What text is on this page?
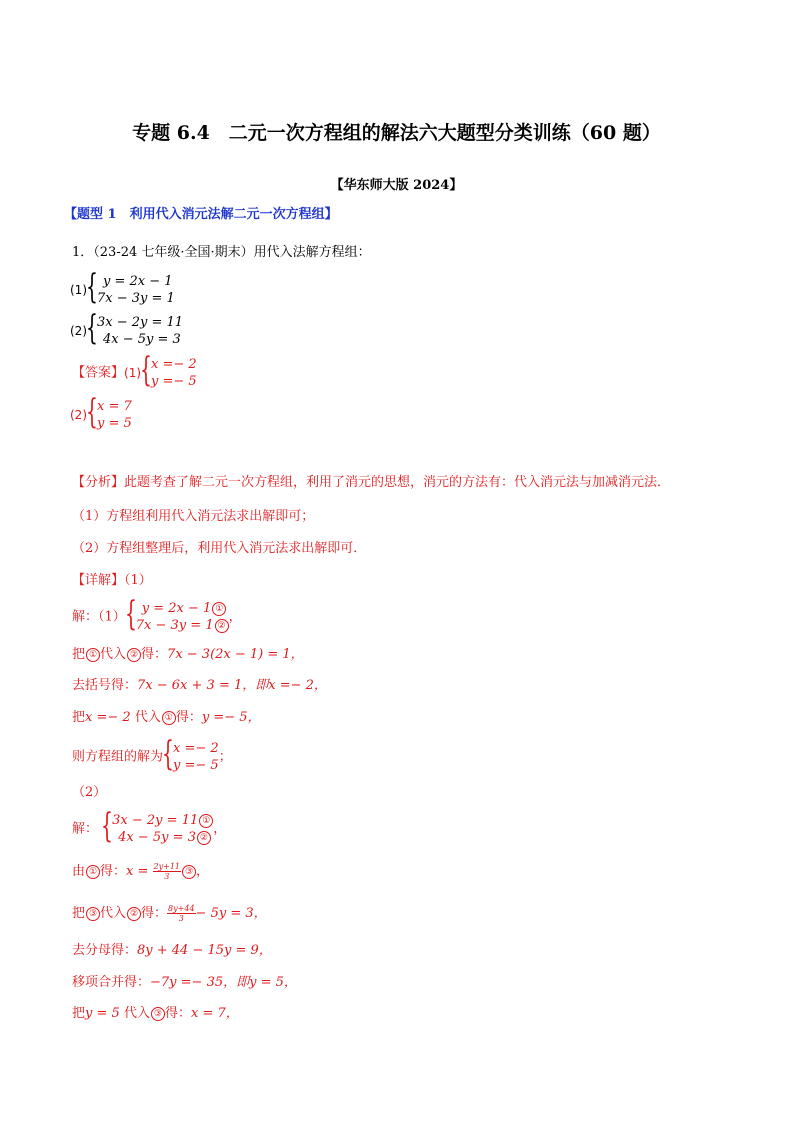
专题 6.4　二元一次方程组的解法六大题型分类训练（60 题）
【华东师大版 2024】
【题型 1　利用代入消元法解二元一次方程组】
1．（23-24 七年级·全国·期末）用代入法解方程组：
(1)
{ y = 2x − 1
7x − 3y = 1
(2)
{ 3x − 2y = 11
4x − 5y = 3
【答案】(1)
{ x =− 2
y =− 5
(2)
{ x = 7
y = 5
【分析】此题考查了解二元一次方程组，利用了消元的思想，消元的方法有：代入消元法与加减消元法．
（1）方程组利用代入消元法求出解即可；
（2）方程组整理后，利用代入消元法求出解即可．
【详解】（1）
解：（1）
{ y = 2x − 1 ①
7x − 3y = 1 ②
，
把 ① 代入 ② 得：7x − 3(2x − 1) = 1，
去括号得：7x − 6x + 3 = 1，即x =− 2，
把x =− 2 代入 ① 得：y =− 5，
则方程组的解为
{ x =− 2
y =− 5
；
（2）
解：
{ 3x − 2y = 11 ①
4x − 5y = 3 ②
，
由 ① 得：$x = \frac{2y+11}{3}$ ③ ，
把 ③ 代入 ② 得： $\frac{8y+44}{3} - 5y = 3$，
去分母得：8y + 44 − 15y = 9，
移项合并得：−7y =− 35，即y = 5，
把y = 5 代入 ③ 得：x = 7，
